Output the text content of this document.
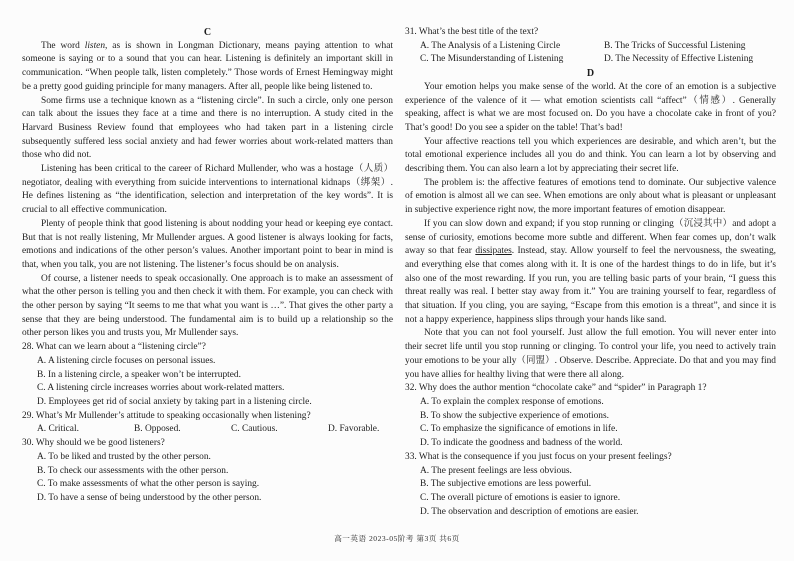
C

The word listen, as is shown in Longman Dictionary, means paying attention to what someone is saying or to a sound that you can hear. Listening is definitely an important skill in communication. “When people talk, listen completely.” Those words of Ernest Hemingway might be a pretty good guiding principle for many managers. After all, people like being listened to.

Some firms use a technique known as a “listening circle”. In such a circle, only one person can talk about the issues they face at a time and there is no interruption. A study cited in the Harvard Business Review found that employees who had taken part in a listening circle subsequently suffered less social anxiety and had fewer worries about work-related matters than those who did not.

Listening has been critical to the career of Richard Mullender, who was a hostage（人质）negotiator, dealing with everything from suicide interventions to international kidnaps（绑架）. He defines listening as “the identification, selection and interpretation of the key words”. It is crucial to all effective communication.

Plenty of people think that good listening is about nodding your head or keeping eye contact. But that is not really listening, Mr Mullender argues. A good listener is always looking for facts, emotions and indications of the other person’s values. Another important point to bear in mind is that, when you talk, you are not listening. The listener’s focus should be on analysis.

Of course, a listener needs to speak occasionally. One approach is to make an assessment of what the other person is telling you and then check it with them. For example, you can check with the other person by saying “It seems to me that what you want is …”. That gives the other party a sense that they are being understood. The fundamental aim is to build up a relationship so the other person likes you and trusts you, Mr Mullender says.

28. What can we learn about a “listening circle”?

A. A listening circle focuses on personal issues.

B. In a listening circle, a speaker won’t be interrupted.

C. A listening circle increases worries about work-related matters.

D. Employees get rid of social anxiety by taking part in a listening circle.

29. What’s Mr Mullender’s attitude to speaking occasionally when listening?

A. Critical.	B. Opposed.	C. Cautious.	D. Favorable.

30. Why should we be good listeners?

A. To be liked and trusted by the other person.

B. To check our assessments with the other person.

C. To make assessments of what the other person is saying.

D. To have a sense of being understood by the other person.

31. What’s the best title of the text?

A. The Analysis of a Listening Circle	B. The Tricks of Successful Listening
C. The Misunderstanding of Listening	D. The Necessity of Effective Listening

D

Your emotion helps you make sense of the world. At the core of an emotion is a subjective experience of the valence of it — what emotion scientists call “affect”（情感）. Generally speaking, affect is what we are most focused on. Do you have a chocolate cake in front of you? That’s good! Do you see a spider on the table! That’s bad!

Your affective reactions tell you which experiences are desirable, and which aren’t, but the total emotional experience includes all you do and think. You can learn a lot by observing and describing them. You can also learn a lot by appreciating their secret life.

The problem is: the affective features of emotions tend to dominate. Our subjective valence of emotion is almost all we can see. When emotions are only about what is pleasant or unpleasant in subjective experience right now, the more important features of emotion disappear.

If you can slow down and expand; if you stop running or clinging（沉浸其中）and adopt a sense of curiosity, emotions become more subtle and different. When fear comes up, don’t walk away so that fear dissipates. Instead, stay. Allow yourself to feel the nervousness, the sweating, and everything else that comes along with it. It is one of the hardest things to do in life, but it’s also one of the most rewarding. If you run, you are telling basic parts of your brain, “I guess this threat really was real. I better stay away from it.” You are training yourself to fear, regardless of that situation. If you cling, you are saying, “Escape from this emotion is a threat”, and since it is not a happy experience, happiness slips through your hands like sand.

Note that you can not fool yourself. Just allow the full emotion. You will never enter into their secret life until you stop running or clinging. To control your life, you need to actively train your emotions to be your ally（同盟）. Observe. Describe. Appreciate. Do that and you may find you have allies for healthy living that were there all along.

32. Why does the author mention “chocolate cake” and “spider” in Paragraph 1?

A. To explain the complex response of emotions.

B. To show the subjective experience of emotions.

C. To emphasize the significance of emotions in life.

D. To indicate the goodness and badness of the world.

33. What is the consequence if you just focus on your present feelings?

A. The present feelings are less obvious.

B. The subjective emotions are less powerful.

C. The overall picture of emotions is easier to ignore.

D. The observation and description of emotions are easier.

高一英语 2023-05阶考 第3页 共6页
